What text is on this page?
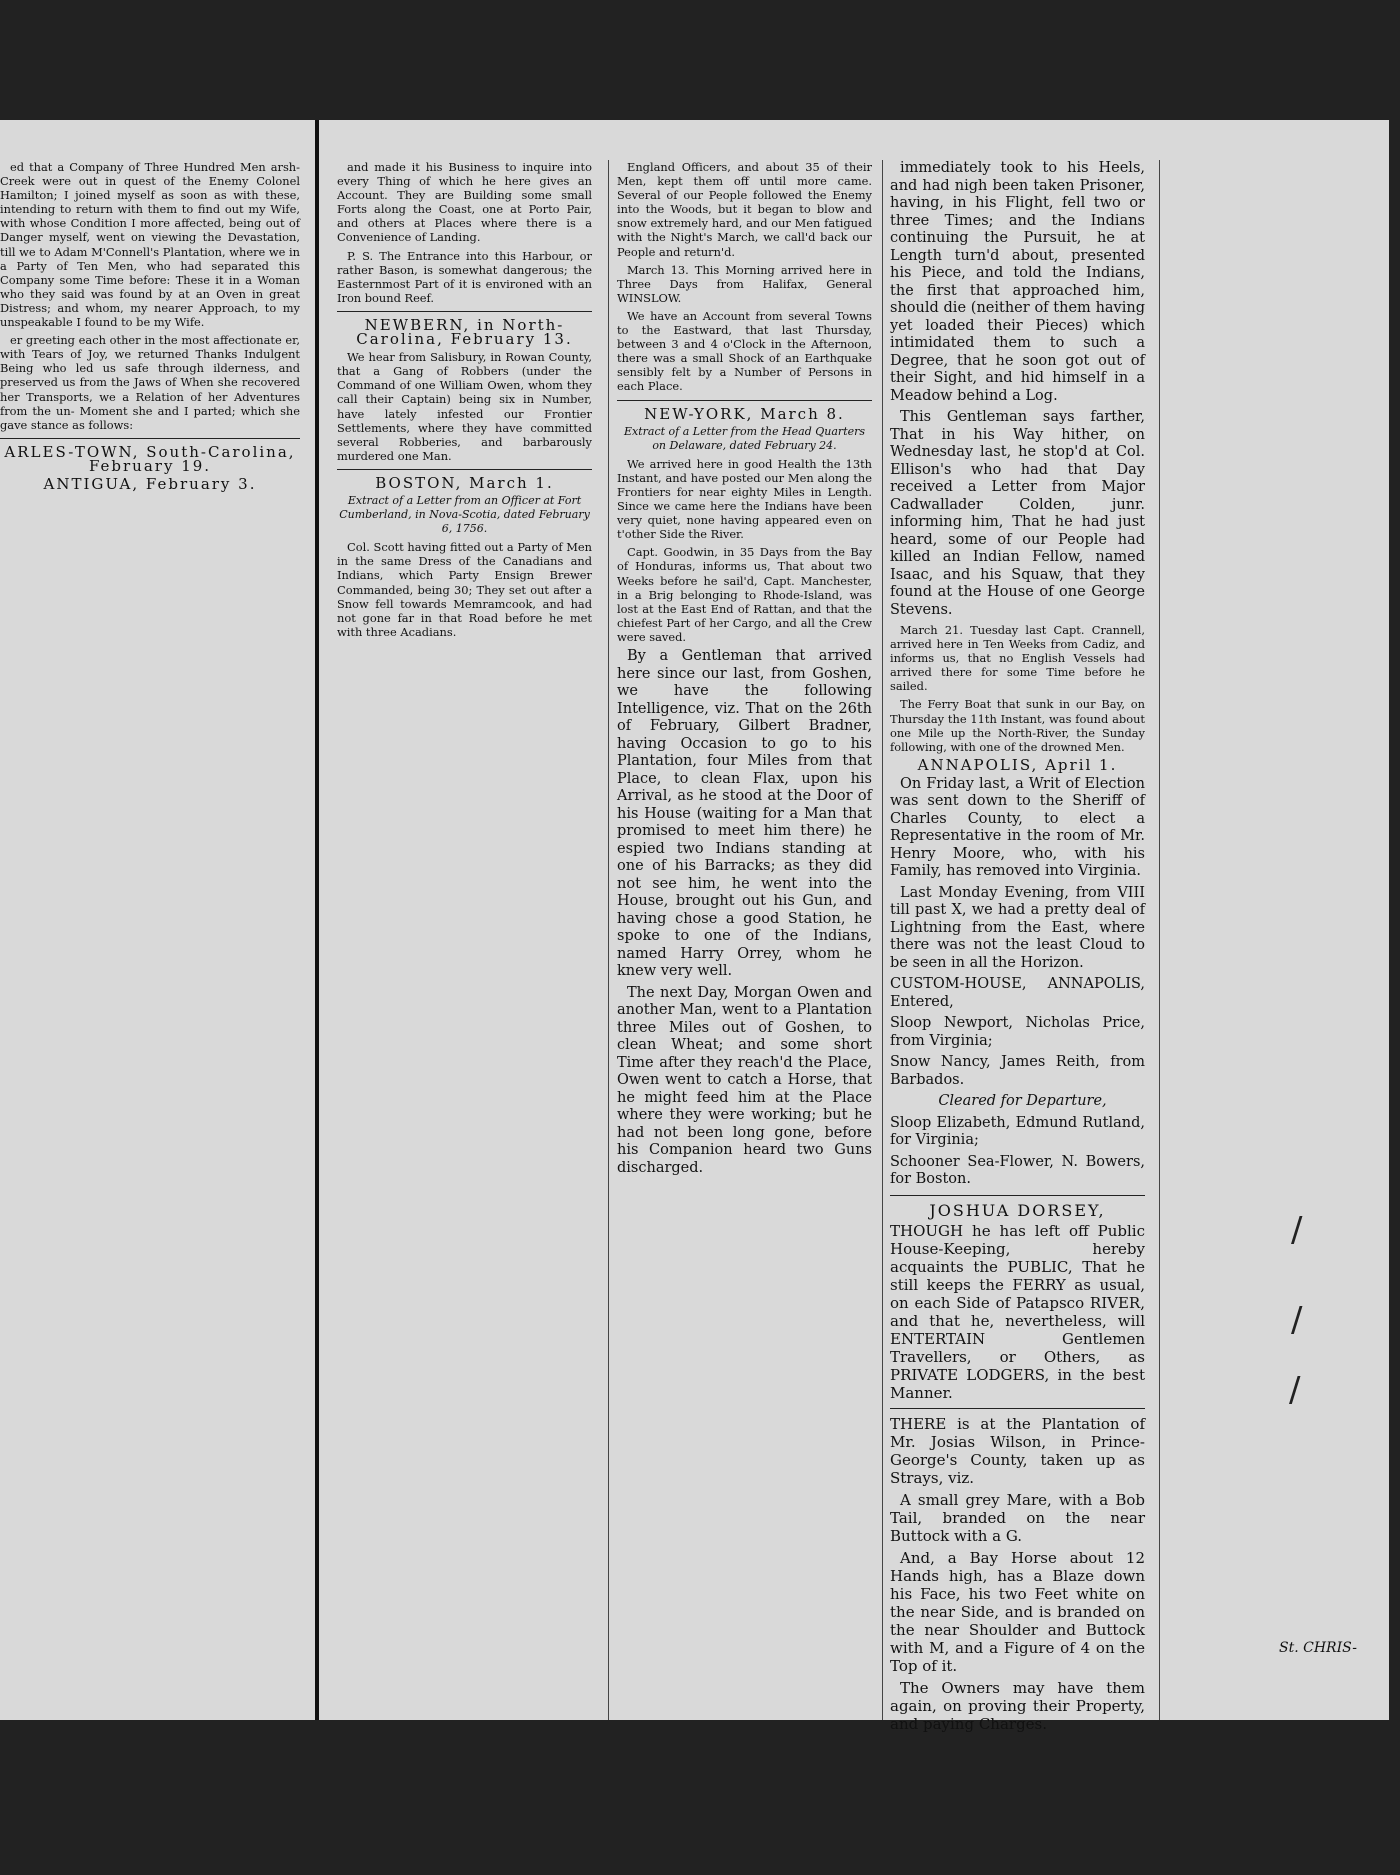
ed that a Company of Three Hundred Men arsh-Creek were out in quest of the Enemy Colonel Hamilton; I joined myself as soon as with these, intending to return with them to find out my Wife, with whose Condition I more affected, being out of Danger myself, went on viewing the Devastation, till we to Adam M'Connell's Plantation, where we in a Party of Ten Men, who had separated this Company some Time before: These it in a Woman who they said was found by at an Oven in great Distress; and whom, my nearer Approach, to my unspeakable I found to be my Wife.

er greeting each other in the most affectionate er, with Tears of Joy, we returned Thanks Indulgent Being who led us safe through ilderness, and preserved us from the Jaws of When she recovered her Transports, we a Relation of her Adventures from the un- Moment she and I parted; which she gave stance as follows:

ARLES-TOWN, South-Carolina, February 19.

ANTIGUA, February 3.

and made it his Business to inquire into every Thing of which he here gives an Account. They are Building some small Forts along the Coast, one at Porto Pair, and others at Places where there is a Convenience of Landing.

P. S. The Entrance into this Harbour, or rather Bason, is somewhat dangerous; the Easternmost Part of it is environed with an Iron bound Reef.

NEWBERN, in North-Carolina, February 13.

We hear from Salisbury, in Rowan County, that a Gang of Robbers (under the Command of one William Owen, whom they call their Captain) being six in Number, have lately infested our Frontier Settlements, where they have committed several Robberies, and barbarously murdered one Man.

BOSTON, March 1.

Extract of a Letter from an Officer at Fort Cumberland, in Nova-Scotia, dated February 6, 1756.

Col. Scott having fitted out a Party of Men in the same Dress of the Canadians and Indians, which Party Ensign Brewer Commanded, being 30; They set out after a Snow fell towards Memramcook, and had not gone far in that Road before he met with three Acadians.

England Officers, and about 35 of their Men, kept them off until more came. Several of our People followed the Enemy into the Woods, but it began to blow and snow extremely hard, and our Men fatigued with the Night's March, we call'd back our People and return'd.

March 13. This Morning arrived here in Three Days from Halifax, General WINSLOW.

We have an Account from several Towns to the Eastward, that last Thursday, between 3 and 4 o'Clock in the Afternoon, there was a small Shock of an Earthquake sensibly felt by a Number of Persons in each Place.

NEW-YORK, March 8.

Extract of a Letter from the Head Quarters on Delaware, dated February 24.

We arrived here in good Health the 13th Instant, and have posted our Men along the Frontiers for near eighty Miles in Length. Since we came here the Indians have been very quiet, none having appeared even on t'other Side the River.

Capt. Goodwin, in 35 Days from the Bay of Honduras, informs us, That about two Weeks before he sail'd, Capt. Manchester, in a Brig belonging to Rhode-Island, was lost at the East End of Rattan, and that the chiefest Part of her Cargo, and all the Crew were saved.

By a Gentleman that arrived here since our last, from Goshen, we have the following Intelligence, viz. That on the 26th of February, Gilbert Bradner, having Occasion to go to his Plantation, four Miles from that Place, to clean Flax, upon his Arrival, as he stood at the Door of his House (waiting for a Man that promised to meet him there) he espied two Indians standing at one of his Barracks; as they did not see him, he went into the House, brought out his Gun, and having chose a good Station, he spoke to one of the Indians, named Harry Orrey, whom he knew very well.

The next Day, Morgan Owen and another Man, went to a Plantation three Miles out of Goshen, to clean Wheat; and some short Time after they reach'd the Place, Owen went to catch a Horse, that he might feed him at the Place where they were working; but he had not been long gone, before his Companion heard two Guns discharged.

immediately took to his Heels, and had nigh been taken Prisoner, having, in his Flight, fell two or three Times; and the Indians continuing the Pursuit, he at Length turn'd about, presented his Piece, and told the Indians, the first that approached him, should die (neither of them having yet loaded their Pieces) which intimidated them to such a Degree, that he soon got out of their Sight, and hid himself in a Meadow behind a Log.

This Gentleman says farther, That in his Way hither, on Wednesday last, he stop'd at Col. Ellison's who had that Day received a Letter from Major Cadwallader Colden, junr. informing him, That he had just heard, some of our People had killed an Indian Fellow, named Isaac, and his Squaw, that they found at the House of one George Stevens.

March 21. Tuesday last Capt. Crannell, arrived here in Ten Weeks from Cadiz, and informs us, that no English Vessels had arrived there for some Time before he sailed.

The Ferry Boat that sunk in our Bay, on Thursday the 11th Instant, was found about one Mile up the North-River, the Sunday following, with one of the drowned Men.

ANNAPOLIS, April 1.

On Friday last, a Writ of Election was sent down to the Sheriff of Charles County, to elect a Representative in the room of Mr. Henry Moore, who, with his Family, has removed into Virginia.

Last Monday Evening, from VIII till past X, we had a pretty deal of Lightning from the East, where there was not the least Cloud to be seen in all the Horizon.

CUSTOM-HOUSE, ANNAPOLIS, Entered,

Sloop Newport, Nicholas Price, from Virginia;

Snow Nancy, James Reith, from Barbados.

Cleared for Departure,

Sloop Elizabeth, Edmund Rutland, for Virginia;

Schooner Sea-Flower, N. Bowers, for Boston.

JOSHUA DORSEY,

THOUGH he has left off Public House-Keeping, hereby acquaints the PUBLIC, That he still keeps the FERRY as usual, on each Side of Patapsco RIVER, and that he, nevertheless, will ENTERTAIN Gentlemen Travellers, or Others, as PRIVATE LODGERS, in the best Manner.

THERE is at the Plantation of Mr. Josias Wilson, in Prince-George's County, taken up as Strays, viz.

A small grey Mare, with a Bob Tail, branded on the near Buttock with a G.

And, a Bay Horse about 12 Hands high, has a Blaze down his Face, his two Feet white on the near Side, and is branded on the near Shoulder and Buttock with M, and a Figure of 4 on the Top of it.

The Owners may have them again, on proving their Property, and paying Charges.

St. CHRIS-
/
/
/
